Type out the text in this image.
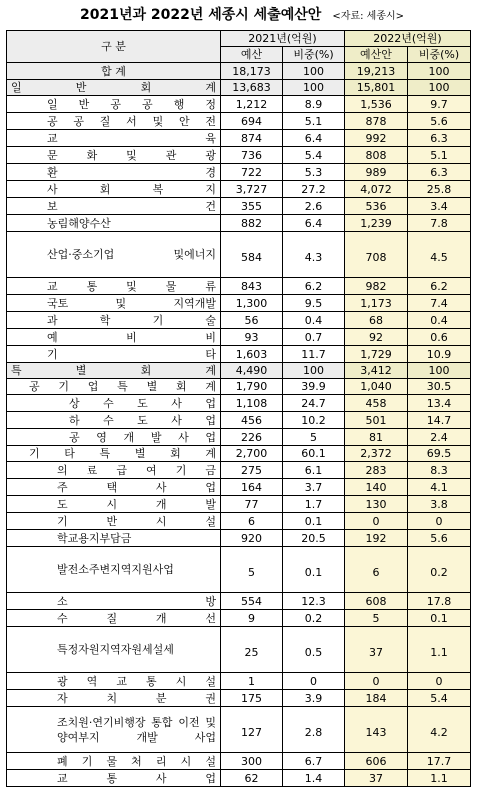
2021년과 2022년 세종시 세출예산안 <자료: 세종시>
구 분	2021년(억원)		2022년(억원)	
	예산	비중(%)	예산안	비중(%)
합 계	18,173	100	19,213	100
일 반 회 계	13,683	100	15,801	100
일 반 공 공 행 정	1,212	8.9	1,536	9.7
공 공 질 서 및 안 전	694	5.1	878	5.6
교 육	874	6.4	992	6.3
문 화 및 관 광	736	5.4	808	5.1
환 경	722	5.3	989	6.3
사 회 복 지	3,727	27.2	4,072	25.8
보 건	355	2.6	536	3.4
농림해양수산	882	6.4	1,239	7.8
산업·중소기업 및에너지	584	4.3	708	4.5
교 통 및 물 류	843	6.2	982	6.2
국토 및 지역개발	1,300	9.5	1,173	7.4
과 학 기 술	56	0.4	68	0.4
예 비 비	93	0.7	92	0.6
기 타	1,603	11.7	1,729	10.9
특 별 회 계	4,490	100	3,412	100
공 기 업 특 별 회 계	1,790	39.9	1,040	30.5
상 수 도 사 업	1,108	24.7	458	13.4
하 수 도 사 업	456	10.2	501	14.7
공 영 개 발 사 업	226	5	81	2.4
기 타 특 별 회 계	2,700	60.1	2,372	69.5
의 료 급 여 기 금	275	6.1	283	8.3
주 택 사 업	164	3.7	140	4.1
도 시 개 발	77	1.7	130	3.8
기 반 시 설	6	0.1	0	0
학교용지부담금	920	20.5	192	5.6
발전소주변지역지원사업	5	0.1	6	0.2
소 방	554	12.3	608	17.8
수 질 개 선	9	0.2	5	0.1
특정자원지역자원세설세	25	0.5	37	1.1
광 역 교 통 시 설	1	0	0	0
자 치 분 권	175	3.9	184	5.4
조치원·연기비행장 통합 이전 및 양여부지 개발 사업	127	2.8	143	4.2
폐 기 물 처 리 시 설	300	6.7	606	17.7
교 통 사 업	62	1.4	37	1.1
